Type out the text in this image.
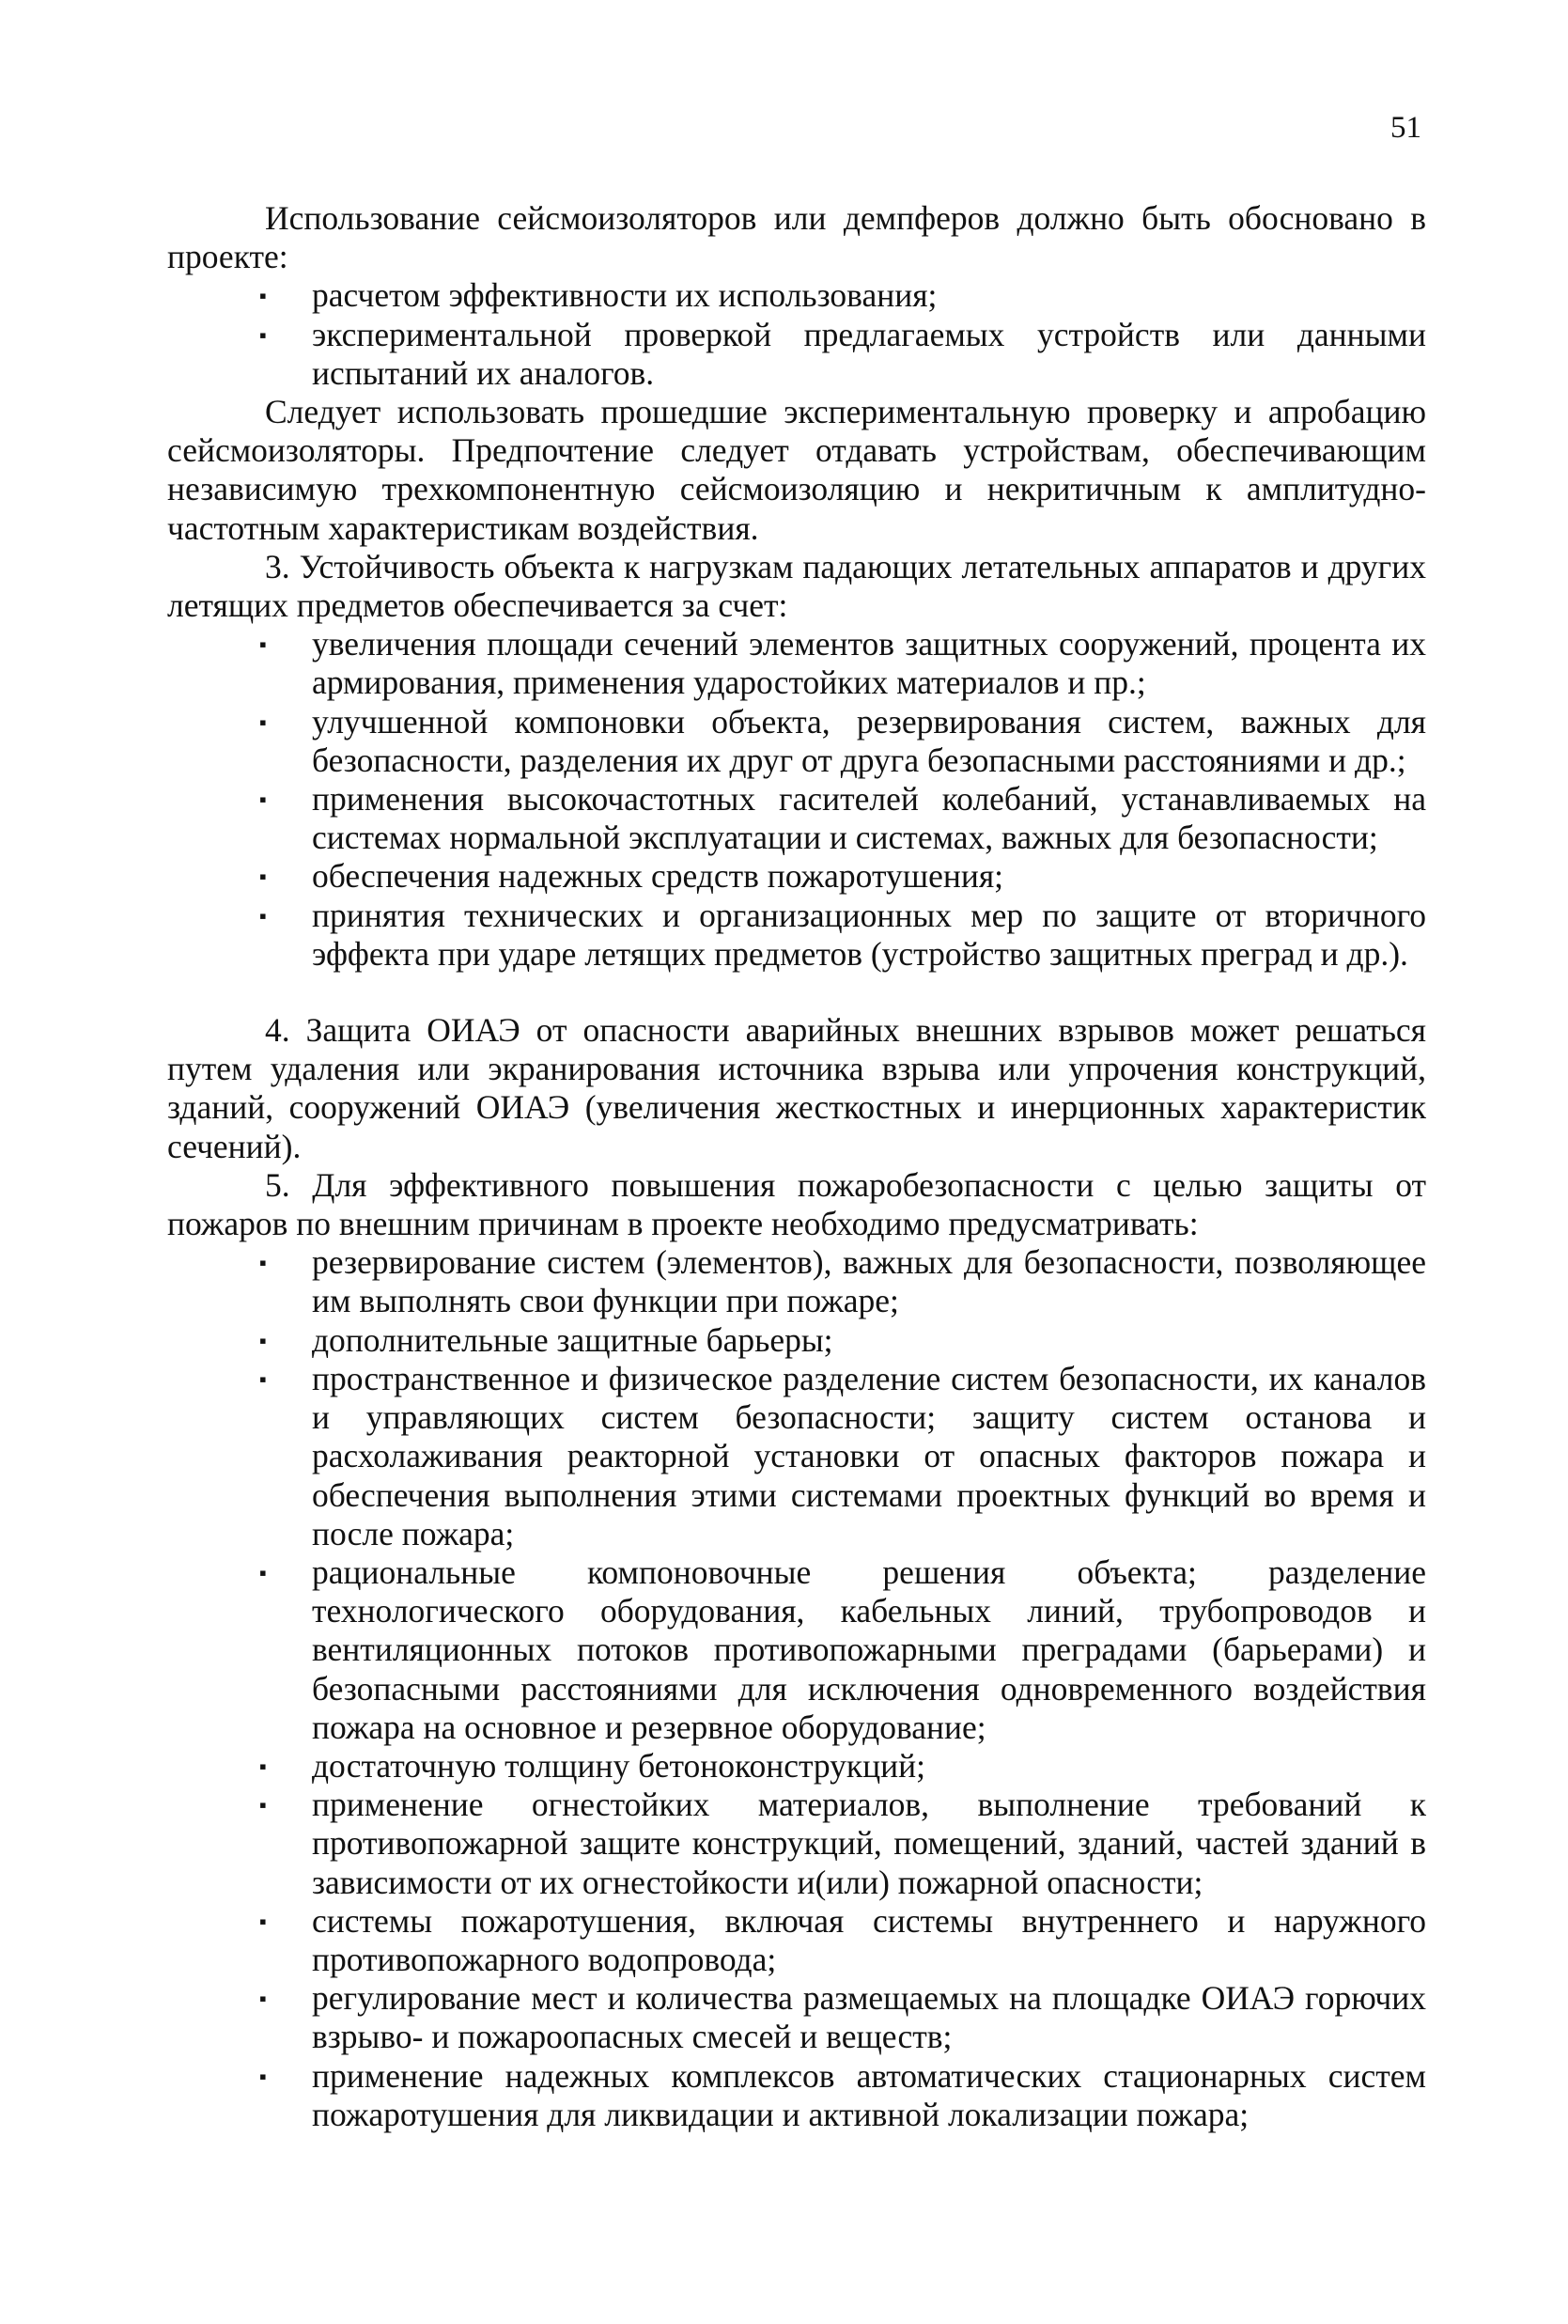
51

Использование сейсмоизоляторов или демпферов должно быть обосновано в проекте:

▪ расчетом эффективности их использования;
▪ экспериментальной проверкой предлагаемых устройств или данными испытаний их аналогов.

Следует использовать прошедшие экспериментальную проверку и апробацию сейсмоизоляторы. Предпочтение следует отдавать устройствам, обеспечивающим независимую трехкомпонентную сейсмоизоляцию и некритичным к амплитудно-частотным характеристикам воздействия.

3. Устойчивость объекта к нагрузкам падающих летательных аппаратов и других летящих предметов обеспечивается за счет:

▪ увеличения площади сечений элементов защитных сооружений, процента их армирования, применения ударостойких материалов и пр.;
▪ улучшенной компоновки объекта, резервирования систем, важных для безопасности, разделения их друг от друга безопасными расстояниями и др.;
▪ применения высокочастотных гасителей колебаний, устанавливаемых на системах нормальной эксплуатации и системах, важных для безопасности;
▪ обеспечения надежных средств пожаротушения;
▪ принятия технических и организационных мер по защите от вторичного эффекта при ударе летящих предметов (устройство защитных преград и др.).

4. Защита ОИАЭ от опасности аварийных внешних взрывов может решаться путем удаления или экранирования источника взрыва или упрочения конструкций, зданий, сооружений ОИАЭ (увеличения жесткостных и инерционных характеристик сечений).

5. Для эффективного повышения пожаробезопасности с целью защиты от пожаров по внешним причинам в проекте необходимо предусматривать:

▪ резервирование систем (элементов), важных для безопасности, позволяющее им выполнять свои функции при пожаре;
▪ дополнительные защитные барьеры;
▪ пространственное и физическое разделение систем безопасности, их каналов и управляющих систем безопасности; защиту систем останова и расхолаживания реакторной установки от опасных факторов пожара и обеспечения выполнения этими системами проектных функций во время и после пожара;
▪ рациональные компоновочные решения объекта; разделение технологического оборудования, кабельных линий, трубопроводов и вентиляционных потоков противопожарными преградами (барьерами) и безопасными расстояниями для исключения одновременного воздействия пожара на основное и резервное оборудование;
▪ достаточную толщину бетоноконструкций;
▪ применение огнестойких материалов, выполнение требований к противопожарной защите конструкций, помещений, зданий, частей зданий в зависимости от их огнестойкости и(или) пожарной опасности;
▪ системы пожаротушения, включая системы внутреннего и наружного противопожарного водопровода;
▪ регулирование мест и количества размещаемых на площадке ОИАЭ горючих взрыво- и пожароопасных смесей и веществ;
▪ применение надежных комплексов автоматических стационарных систем пожаротушения для ликвидации и активной локализации пожара;
